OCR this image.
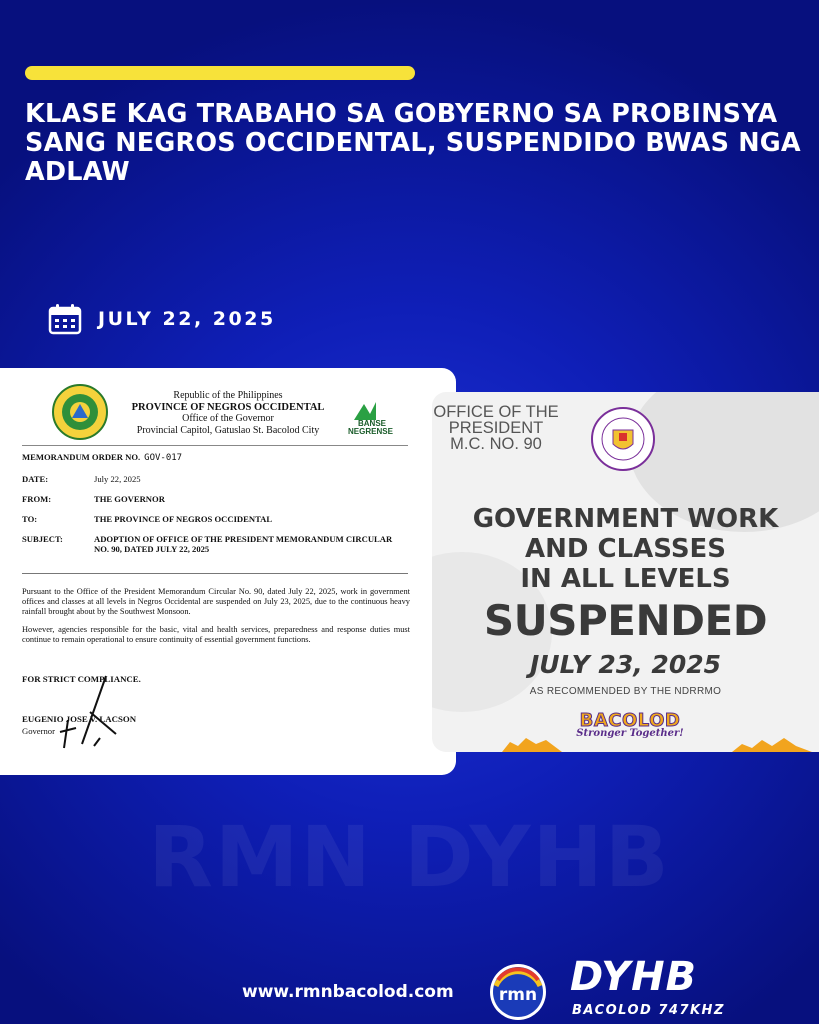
KLASE KAG TRABAHO SA GOBYERNO SA PROBINSYA SANG NEGROS OCCIDENTAL, SUSPENDIDO BWAS NGA ADLAW
JULY 22, 2025
Republic of the Philippines
PROVINCE OF NEGROS OCCIDENTAL
Office of the Governor
Provincial Capitol, Gatuslao St. Bacolod City
BANSE
NEGRENSE
MEMORANDUM ORDER NO. GOV-017
DATE:	July 22, 2025
FROM:	THE GOVERNOR
TO:	THE PROVINCE OF NEGROS OCCIDENTAL
SUBJECT:	ADOPTION OF OFFICE OF THE PRESIDENT MEMORANDUM CIRCULAR NO. 90, DATED JULY 22, 2025

Pursuant to the Office of the President Memorandum Circular No. 90, dated July 22, 2025, work in government offices and classes at all levels in Negros Occidental are suspended on July 23, 2025, due to the continuous heavy rainfall brought about by the Southwest Monsoon.

However, agencies responsible for the basic, vital and health services, preparedness and response duties must continue to remain operational to ensure continuity of essential government functions.

FOR STRICT COMPLIANCE.
EUGENIO JOSE V. LACSON
Governor
OFFICE OF THE PRESIDENT M.C. NO. 90
GOVERNMENT WORK
AND CLASSES
IN ALL LEVELS
SUSPENDED
JULY 23, 2025
AS RECOMMENDED BY THE NDRRMO
BACOLOD
Stronger Together!
RMN DYHB
www.rmnbacolod.com	rmn DYHB
BACOLOD 747KHZ
